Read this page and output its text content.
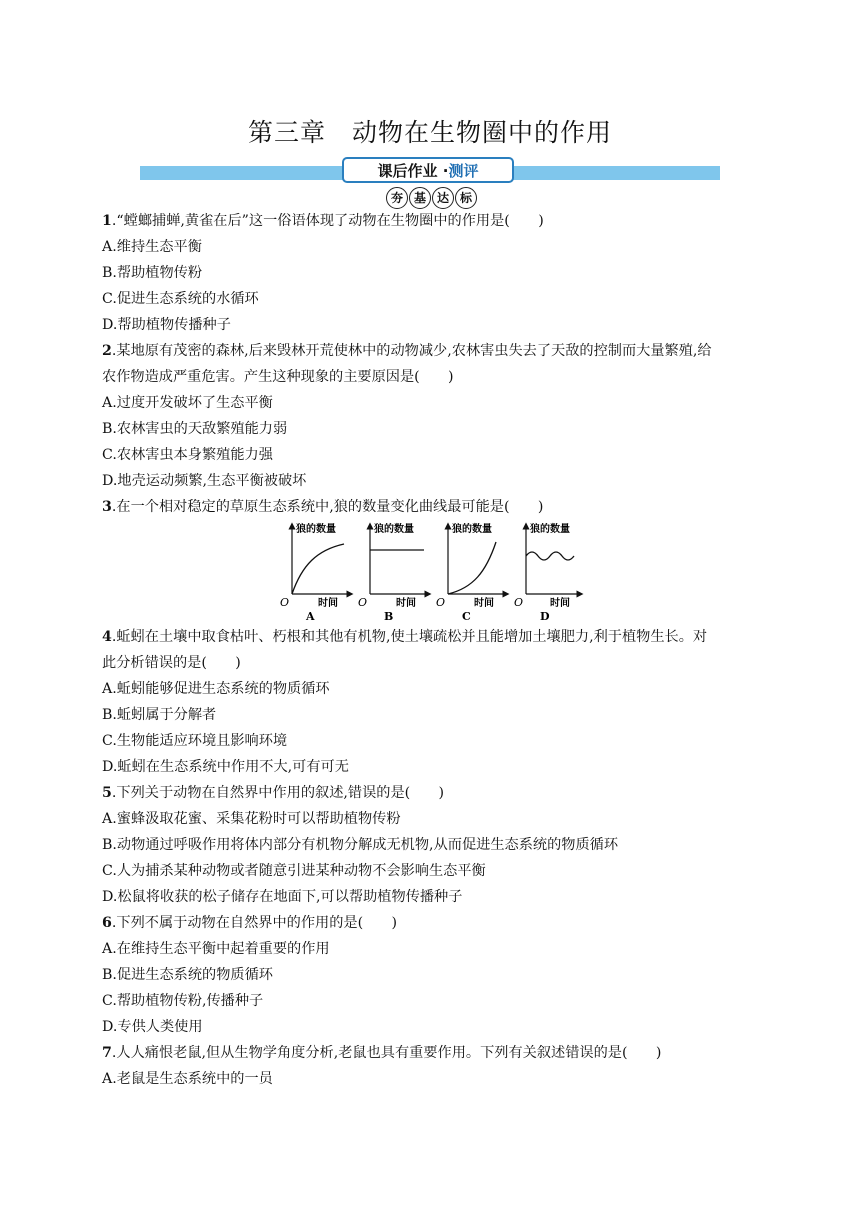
第三章　动物在生物圈中的作用
课后作业 · 测评
夯 基 达 标
1.“螳螂捕蝉,黄雀在后”这一俗语体现了动物在生物圈中的作用是(　　)
A.维持生态平衡
B.帮助植物传粉
C.促进生态系统的水循环
D.帮助植物传播种子
2.某地原有茂密的森林,后来毁林开荒使林中的动物减少,农林害虫失去了天敌的控制而大量繁殖,给
农作物造成严重危害。产生这种现象的主要原因是(　　)
A.过度开发破坏了生态平衡
B.农林害虫的天敌繁殖能力弱
C.农林害虫本身繁殖能力强
D.地壳运动频繁,生态平衡被破坏
3.在一个相对稳定的草原生态系统中,狼的数量变化曲线最可能是(　　)
狼的数量
O	时间
A
狼的数量
O	时间
B
狼的数量
O	时间
C
狼的数量
O	时间
D
4.蚯蚓在土壤中取食枯叶、朽根和其他有机物,使土壤疏松并且能增加土壤肥力,利于植物生长。对
此分析错误的是(　　)
A.蚯蚓能够促进生态系统的物质循环
B.蚯蚓属于分解者
C.生物能适应环境且影响环境
D.蚯蚓在生态系统中作用不大,可有可无
5.下列关于动物在自然界中作用的叙述,错误的是(　　)
A.蜜蜂汲取花蜜、采集花粉时可以帮助植物传粉
B.动物通过呼吸作用将体内部分有机物分解成无机物,从而促进生态系统的物质循环
C.人为捕杀某种动物或者随意引进某种动物不会影响生态平衡
D.松鼠将收获的松子储存在地面下,可以帮助植物传播种子
6.下列不属于动物在自然界中的作用的是(　　)
A.在维持生态平衡中起着重要的作用
B.促进生态系统的物质循环
C.帮助植物传粉,传播种子
D.专供人类使用
7.人人痛恨老鼠,但从生物学角度分析,老鼠也具有重要作用。下列有关叙述错误的是(　　)
A.老鼠是生态系统中的一员
